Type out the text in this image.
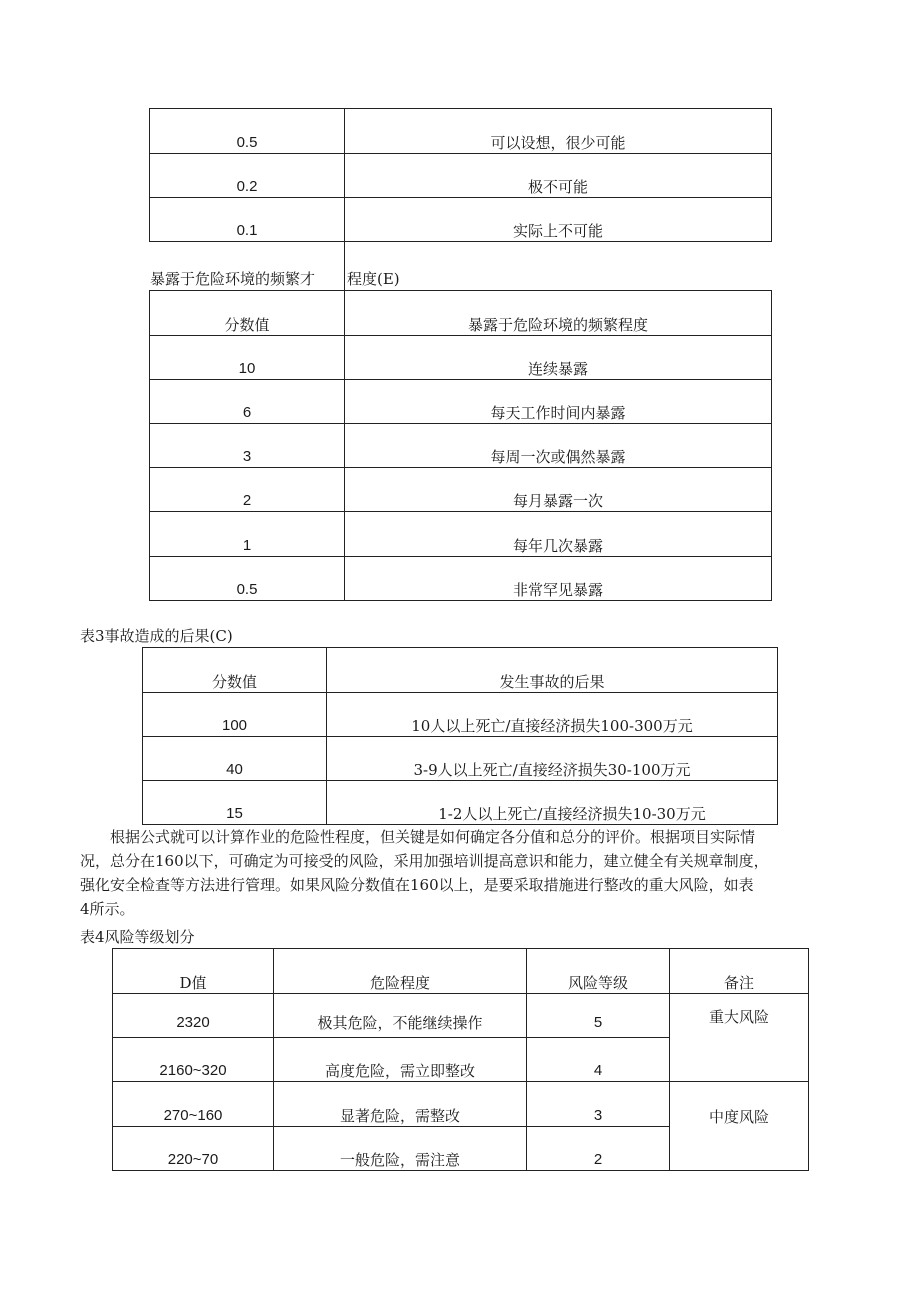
0.5	可以设想，很少可能

0.2	极不可能

0.1	实际上不可能
暴露于危险环境的频繁才 程度(E)
分数值	暴露于危险环境的频繁程度

10	连续暴露

6	每天工作时间内暴露

3	每周一次或偶然暴露

2	每月暴露一次

1	每年几次暴露

0.5	非常罕见暴露
表3事故造成的后果(C)
分数值	发生事故的后果

100	10人以上死亡/直接经济损失100-300万元

40	3-9人以上死亡/直接经济损失30-100万元

15	1-2人以上死亡/直接经济损失10-30万元
根据公式就可以计算作业的危险性程度，但关键是如何确定各分值和总分的评价。根据项目实际情
况，总分在160以下，可确定为可接受的风险，采用加强培训提高意识和能力，建立健全有关规章制度，
强化安全检查等方法进行管理。如果风险分数值在160以上，是要采取措施进行整改的重大风险，如表
4所示。
表4风险等级划分
D值	危险程度	风险等级	备注

2320	极其危险，不能继续操作	5	重大风险

2160~320	高度危险，需立即整改	4	

270~160	显著危险，需整改	3	中度风险

220~70	一般危险，需注意	2	
